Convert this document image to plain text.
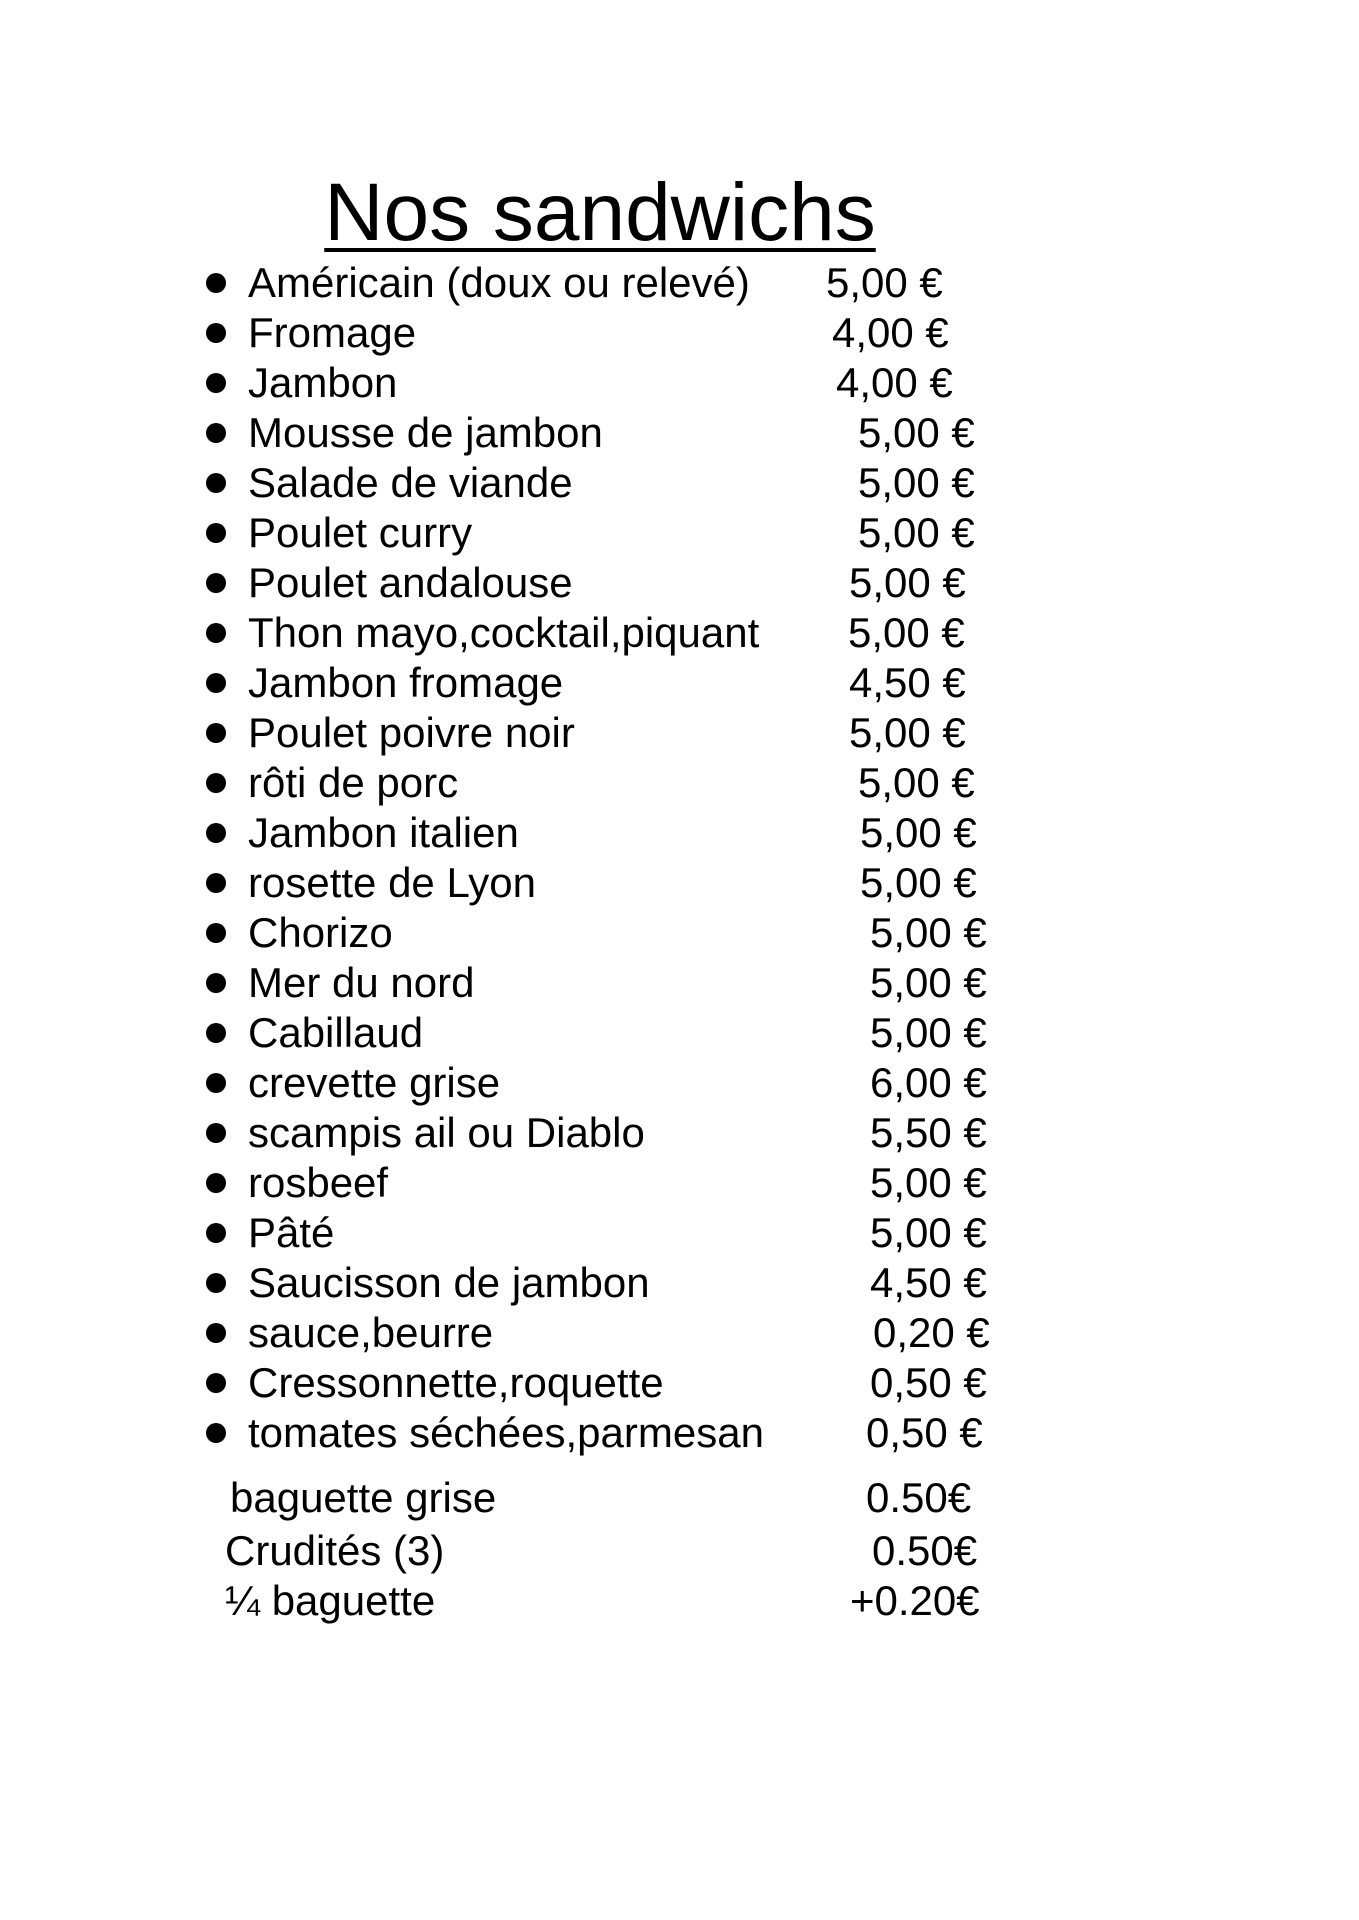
Nos sandwichs
Américain (doux ou relevé) 5,00 €
Fromage	4,00 €
Jambon	4,00 €
Mousse de jambon	5,00 €
Salade de viande	5,00 €
Poulet curry	5,00 €
Poulet andalouse	5,00 €
Thon mayo,cocktail,piquant 5,00 €
Jambon fromage	4,50 €
Poulet poivre noir	5,00 €
rôti de porc	5,00 €
Jambon italien	5,00 €
rosette de Lyon	5,00 €
Chorizo	5,00 €
Mer du nord	5,00 €
Cabillaud	5,00 €
crevette grise	6,00 €
scampis ail ou Diablo	5,50 €
rosbeef	5,00 €
Pâté	5,00 €
Saucisson de jambon	4,50 €
sauce,beurre	0,20 €
Cressonnette,roquette	0,50 €
tomates séchées,parmesan 0,50 €
baguette grise	0.50€
Crudités (3)	0.50€
¼ baguette	+0.20€
